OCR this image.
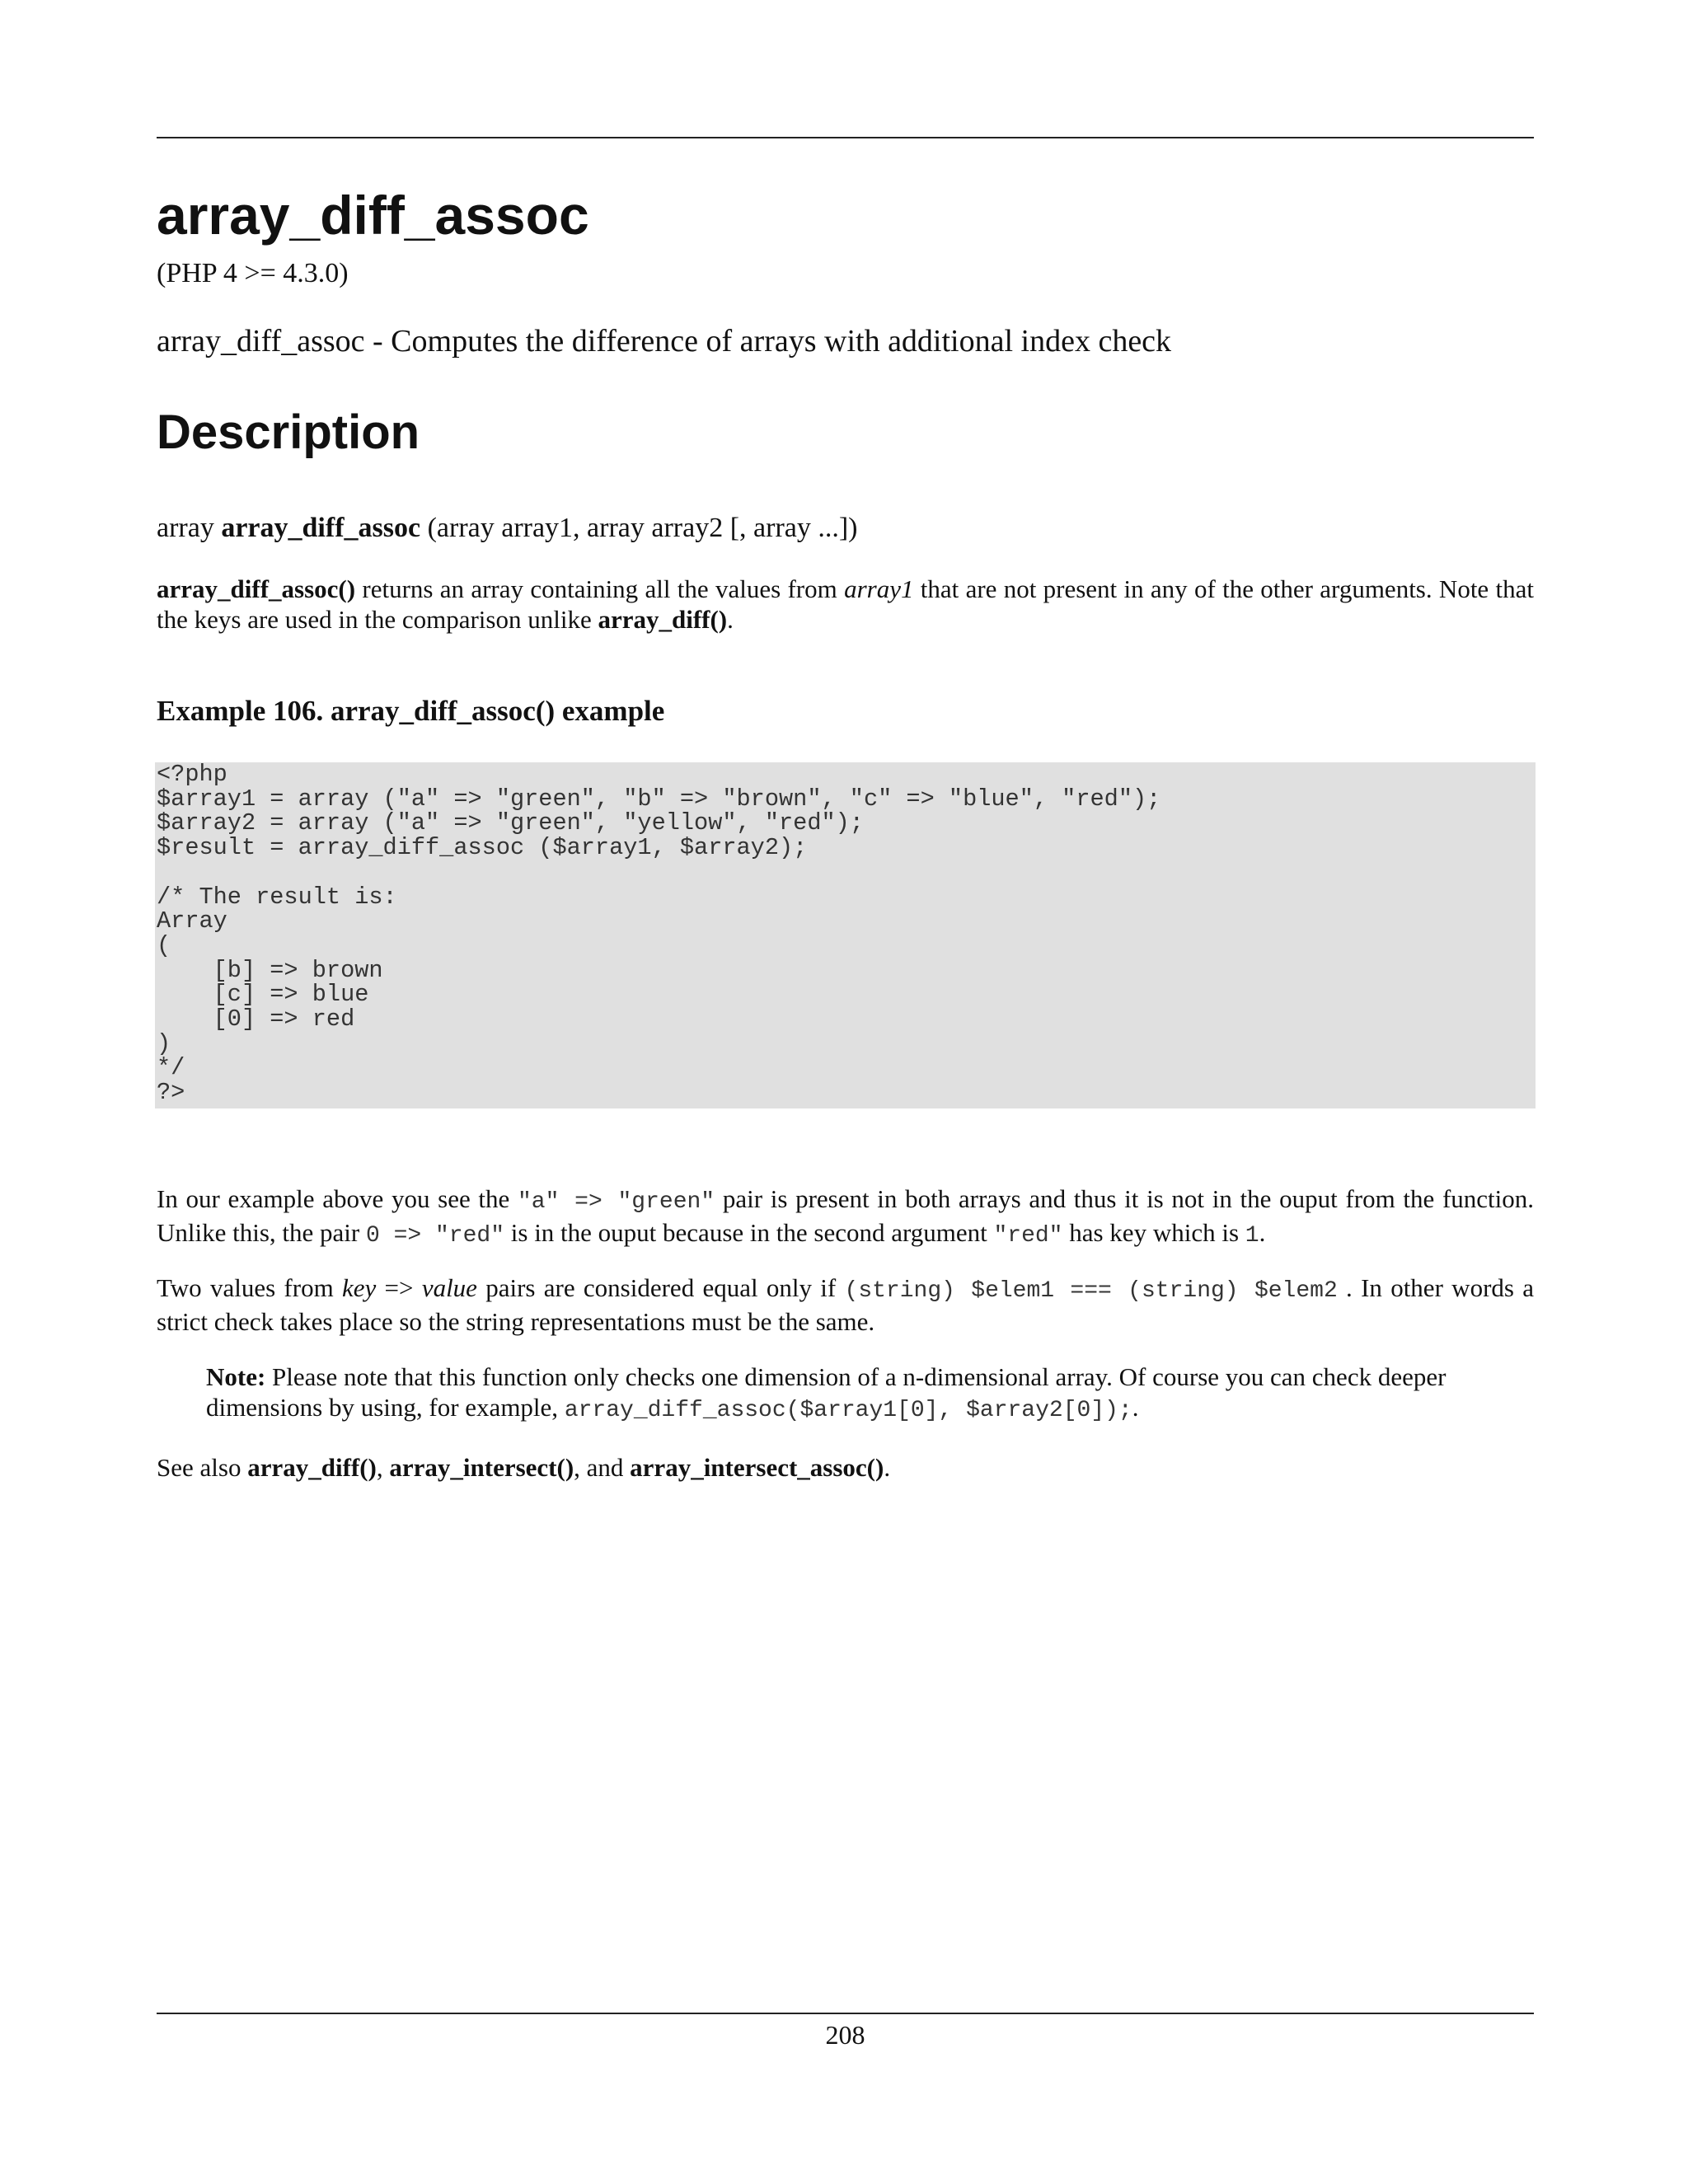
array_diff_assoc
(PHP 4 >= 4.3.0)
array_diff_assoc - Computes the difference of arrays with additional index check
Description
array array_diff_assoc (array array1, array array2 [, array ...])
array_diff_assoc() returns an array containing all the values from array1 that are not present in any of the other arguments. Note that the keys are used in the comparison unlike array_diff().
Example 106. array_diff_assoc() example
<?php
$array1 = array ("a" => "green", "b" => "brown", "c" => "blue", "red");
$array2 = array ("a" => "green", "yellow", "red");
$result = array_diff_assoc ($array1, $array2);

/* The result is:
Array
(
[b] => brown
[c] => blue
[0] => red
)
*/
?>
In our example above you see the "a" => "green" pair is present in both arrays and thus it is not in the ouput from the function. Unlike this, the pair 0 => "red" is in the ouput because in the second argument "red" has key which is 1.
Two values from key => value pairs are considered equal only if (string) $elem1 === (string) $elem2 . In other words a strict check takes place so the string representations must be the same.
Note: Please note that this function only checks one dimension of a n-dimensional array. Of course you can check deeper dimensions by using, for example, array_diff_assoc($array1[0], $array2[0]);.
See also array_diff(), array_intersect(), and array_intersect_assoc().
208
